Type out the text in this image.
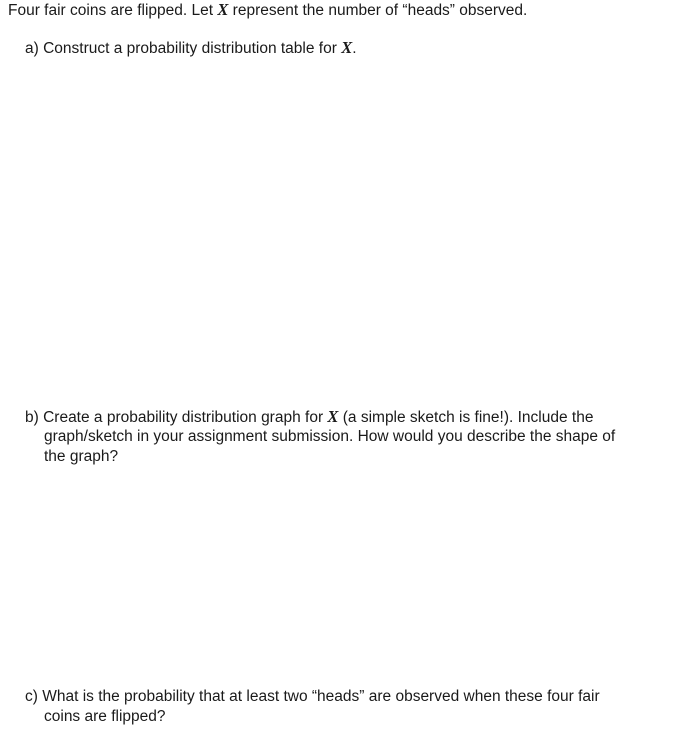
Four fair coins are flipped. Let X represent the number of “heads” observed.
a) Construct a probability distribution table for X.
b) Create a probability distribution graph for X (a simple sketch is fine!). Include the
graph/sketch in your assignment submission. How would you describe the shape of
the graph?
c) What is the probability that at least two “heads” are observed when these four fair
coins are flipped?
